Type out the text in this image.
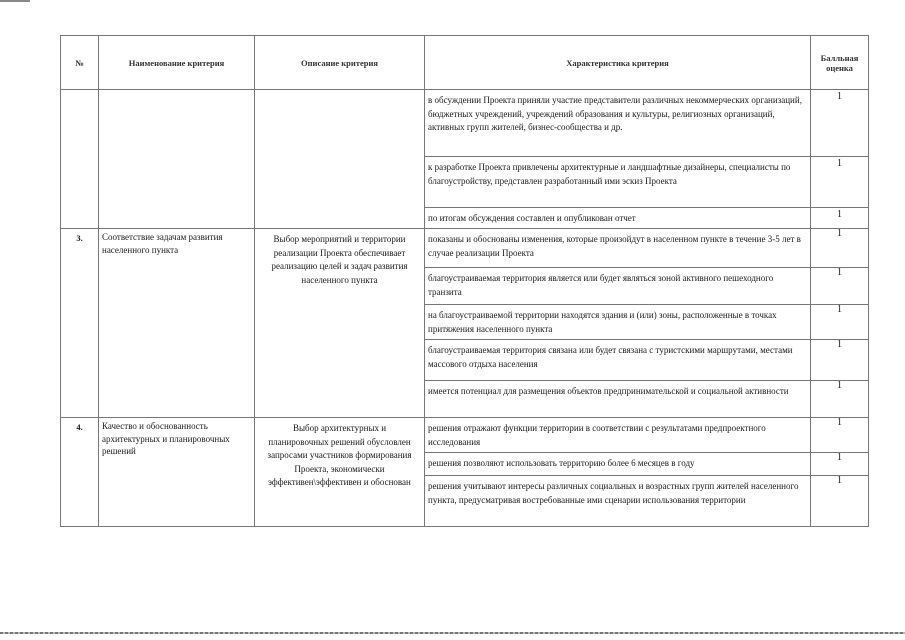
№	Наименование критерия	Описание критерия	Характеристика критерия	Балльная оценка
			в обсуждении Проекта приняли участие представители различных некоммерческих организаций, бюджетных учреждений, учреждений образования и культуры, религиозных организаций, активных групп жителей, бизнес-сообщества и др.	1
			к разработке Проекта привлечены архитектурные и ландшафтные дизайнеры, специалисты по благоустройству, представлен разработанный ими эскиз Проекта	1
			по итогам обсуждения составлен и опубликован отчет	1
3.	Соответствие задачам развития населенного пункта	Выбор мероприятий и территории реализации Проекта обеспечивает реализацию целей и задач развития населенного пункта	показаны и обоснованы изменения, которые произойдут в населенном пункте в течение 3-5 лет в случае реализации Проекта	1
			благоустраиваемая территория является или будет являться зоной активного пешеходного транзита	1
			на благоустраиваемой территории находятся здания и (или) зоны, расположенные в точках притяжения населенного пункта	1
			благоустраиваемая территория связана или будет связана с туристскими маршрутами, местами массового отдыха населения	1
			имеется потенциал для размещения объектов предпринимательской и социальной активности	1
4.	Качество и обоснованность архитектурных и планировочных решений	Выбор архитектурных и планировочных решений обусловлен запросами участников формирования Проекта, экономически эффективен\эффективен и обоснован	решения отражают функции территории в соответствии с результатами предпроектного исследования	1
			решения позволяют использовать территорию более 6 месяцев в году	1
			решения учитывают интересы различных социальных и возрастных групп жителей населенного пункта, предусматривая востребованные ими сценарии использования территории	1
